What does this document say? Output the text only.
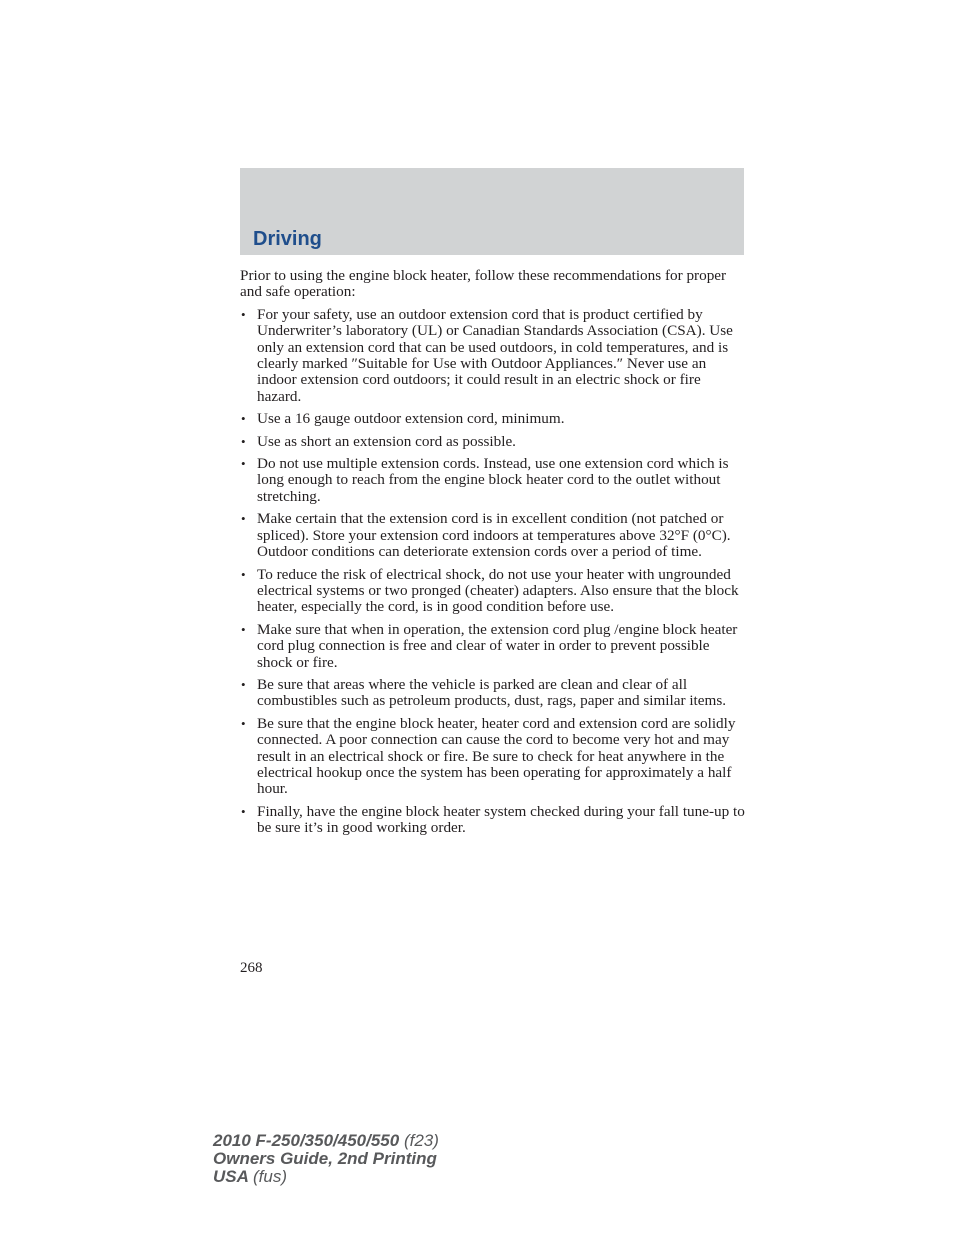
Driving

Prior to using the engine block heater, follow these recommendations for proper and safe operation:

• For your safety, use an outdoor extension cord that is product certified by Underwriter’s laboratory (UL) or Canadian Standards Association (CSA). Use only an extension cord that can be used outdoors, in cold temperatures, and is clearly marked ″Suitable for Use with Outdoor Appliances.″ Never use an indoor extension cord outdoors; it could result in an electric shock or fire hazard.
• Use a 16 gauge outdoor extension cord, minimum.
• Use as short an extension cord as possible.
• Do not use multiple extension cords. Instead, use one extension cord which is long enough to reach from the engine block heater cord to the outlet without stretching.
• Make certain that the extension cord is in excellent condition (not patched or spliced). Store your extension cord indoors at temperatures above 32°F (0°C). Outdoor conditions can deteriorate extension cords over a period of time.
• To reduce the risk of electrical shock, do not use your heater with ungrounded electrical systems or two pronged (cheater) adapters. Also ensure that the block heater, especially the cord, is in good condition before use.
• Make sure that when in operation, the extension cord plug /engine block heater cord plug connection is free and clear of water in order to prevent possible shock or fire.
• Be sure that areas where the vehicle is parked are clean and clear of all combustibles such as petroleum products, dust, rags, paper and similar items.
• Be sure that the engine block heater, heater cord and extension cord are solidly connected. A poor connection can cause the cord to become very hot and may result in an electrical shock or fire. Be sure to check for heat anywhere in the electrical hookup once the system has been operating for approximately a half hour.
• Finally, have the engine block heater system checked during your fall tune-up to be sure it’s in good working order.

268

2010 F-250/350/450/550 (f23)
Owners Guide, 2nd Printing
USA (fus)
